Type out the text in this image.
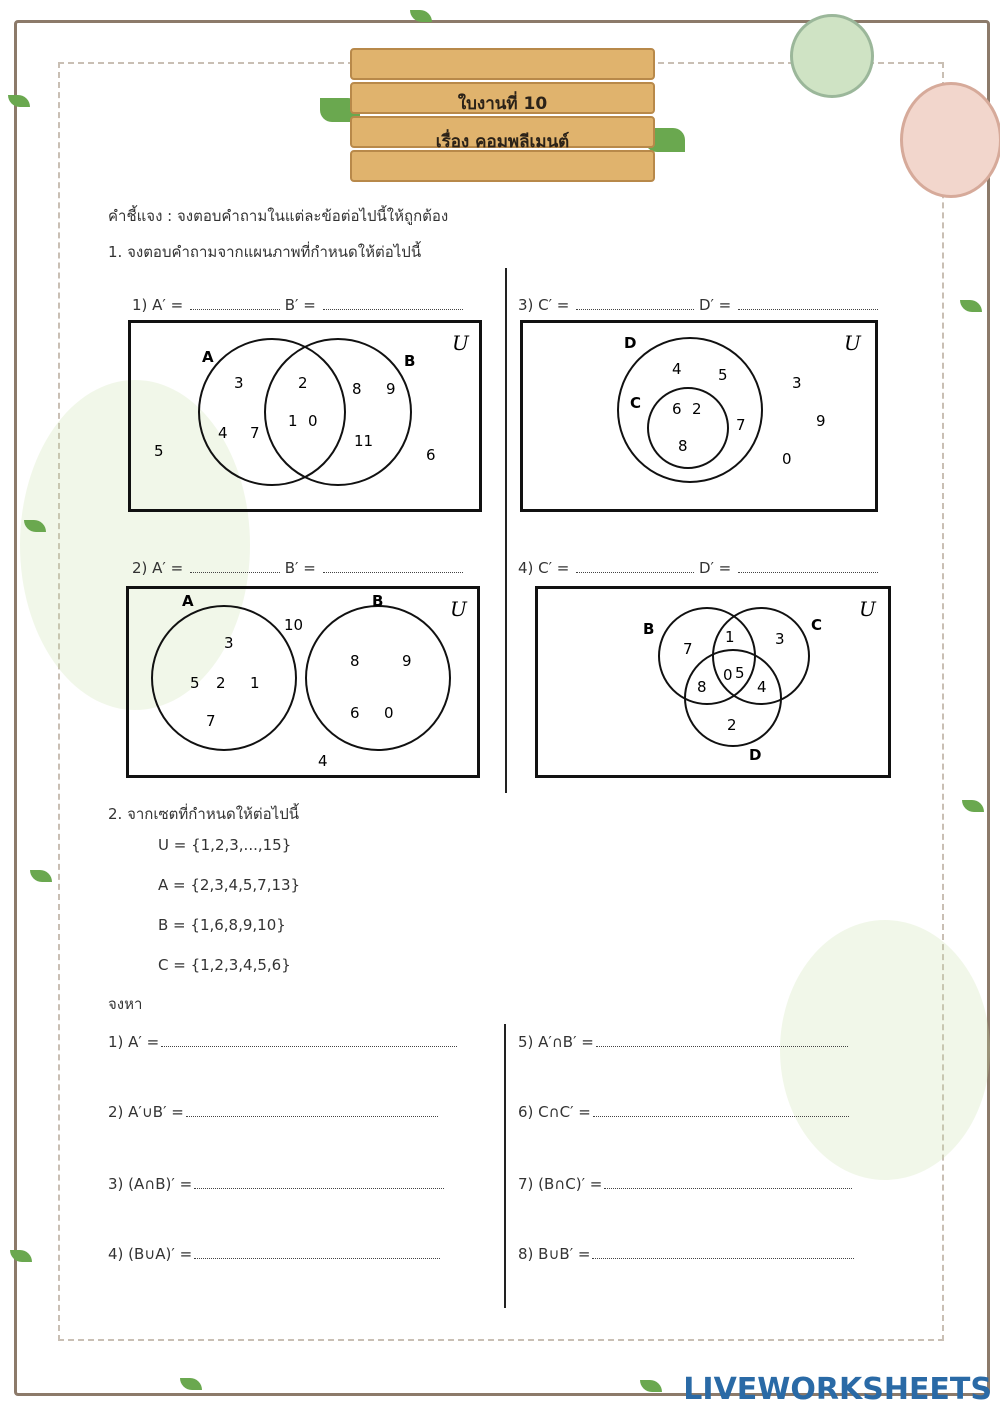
ใบงานที่ 10
เรื่อง คอมพลีเมนต์
คำชี้แจง : จงตอบคำถามในแต่ละข้อต่อไปนี้ให้ถูกต้อง
1. จงตอบคำถามจากแผนภาพที่กำหนดให้ต่อไปนี้
1) A′ =	B′ =
U
A	B
3	2	8 9
4 7
1 0
11
5	6
3) C′ =	D′ =
U
D
C
4 5	3
6 2
7	9
8
0
2) A′ =	B′ =
U
A	B
3
10
5 2 1
7
8	9
6 0
4
4) C′ =	D′ =
U
B	C
D
7
1	3
0 5
8	4
2
2. จากเซตที่กำหนดให้ต่อไปนี้
U = {1,2,3,...,15}
A = {2,3,4,5,7,13}
B = {1,6,8,9,10}
C = {1,2,3,4,5,6}
จงหา
1) A′ =
2) A′∪B′ =
3) (A∩B)′ =
4) (B∪A)′ =
5) A′∩B′ =
6) C∩C′ =
7) (B∩C)′ =
8) B∪B′ =
LIVEWORKSHEETS
